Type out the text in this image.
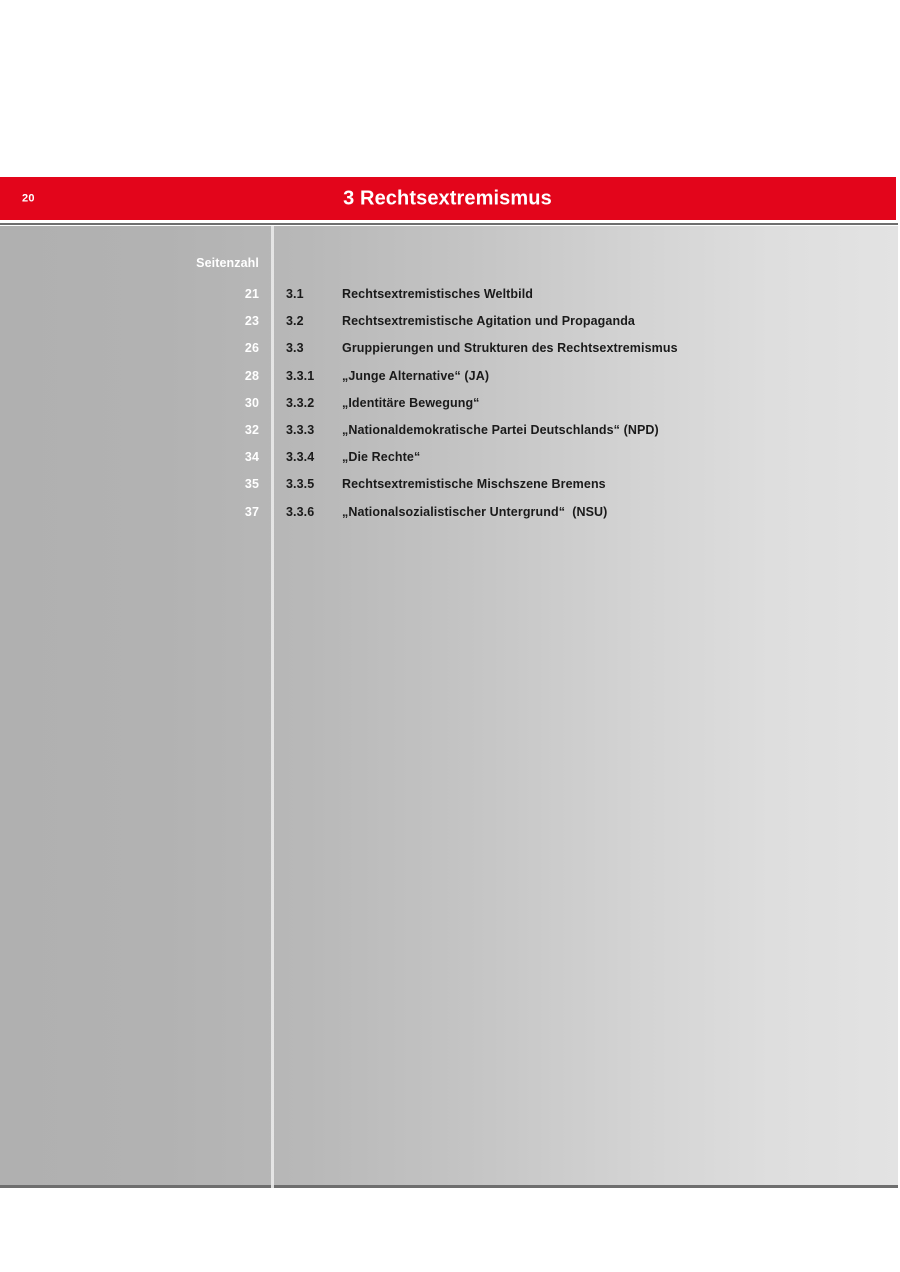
20	3 Rechtsextremismus
Seitenzahl
21 3.1	Rechtsextremistisches Weltbild
23 3.2	Rechtsextremistische Agitation und Propaganda
26 3.3	Gruppierungen und Strukturen des Rechtsextremismus
28 3.3.1 „Junge Alternative“ (JA)
30 3.3.2 „Identitäre Bewegung“
32 3.3.3 „Nationaldemokratische Partei Deutschlands“ (NPD)
34 3.3.4 „Die Rechte“
35 3.3.5 Rechtsextremistische Mischszene Bremens
37 3.3.6 „Nationalsozialistischer Untergrund“  (NSU)
